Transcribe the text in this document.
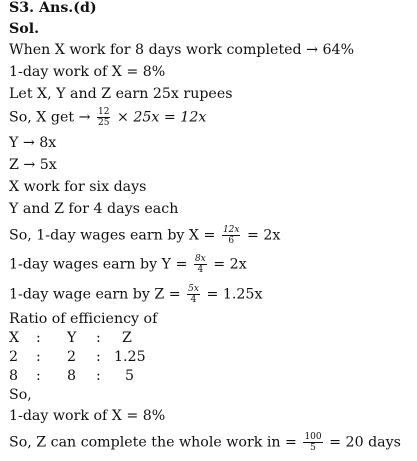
S3. Ans.(d)
Sol.
When X work for 8 days work completed → 64%
1-day work of X = 8%
Let X, Y and Z earn 25x rupees
So, X get → $\frac{12}{25} \times 25x = 12x$
Y → 8x
Z → 5x
X work for six days
Y and Z for 4 days each
So, 1-day wages earn by $X = \frac{12x}{6} = 2x$
1-day wages earn by $Y = \frac{8x}{4} = 2x$
1-day wage earn by $Z = \frac{5x}{4} = 1.25x$
Ratio of efficiency of
X : Y : Z
2 : 2 : 1.25
8 : 8 : 5
So,
1-day work of X = 8%
So, Z can complete the whole work in = $\frac{100}{5} = 20$ days
